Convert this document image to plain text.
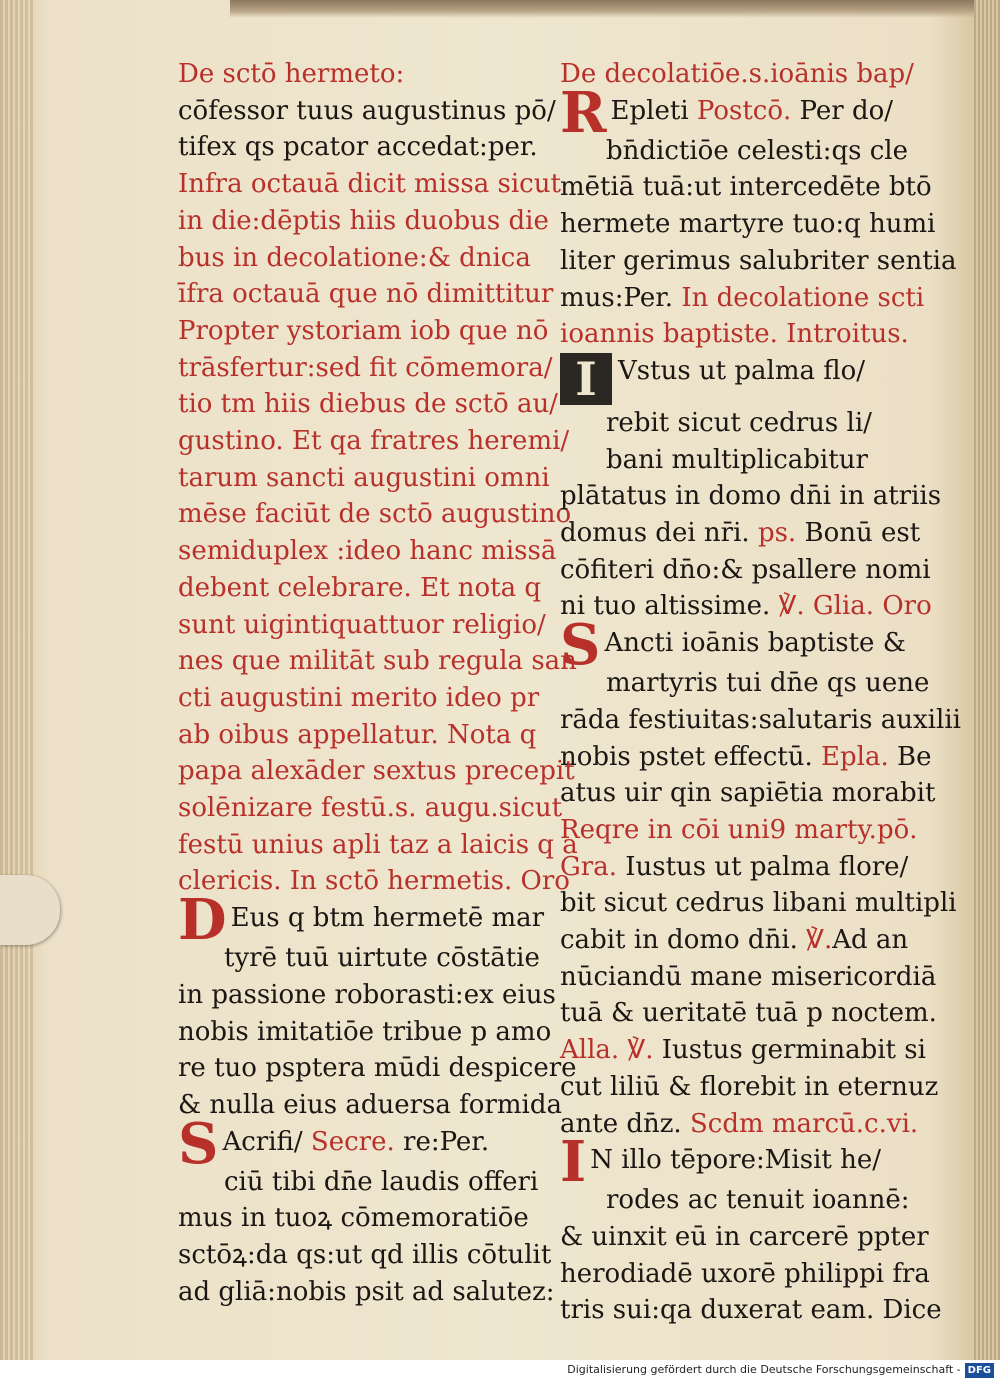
De sctō hermeto:

cōfessor tuus augustinus pō/

tifex qs pcator accedat:per.

Infra octauā dicit missa sicut

in die:dēptis hiis duobus die

bus in decolatione:& dnica

īfra octauā que nō dimittitur

Propter ystoriam iob que nō

trāsfertur:sed fit cōmemora/

tio tm hiis diebus de sctō au/

gustino. Et qa fratres heremi/

tarum sancti augustini omni

mēse faciūt de sctō augustino

semiduplex :ideo hanc missā

debent celebrare. Et nota q

sunt uigintiquattuor religio/

nes que militāt sub regula san

cti augustini merito ideo pr

ab oibus appellatur. Nota q

papa alexāder sextus precepit

solēnizare festū.s. augu.sicut

festū unius apli taz a laicis q a

clericis. In sctō hermetis. Oro

D Eus q btm hermetē mar

tyrē tuū uirtute cōstātie

in passione roborasti:ex eius

nobis imitatiōe tribue p amo

re tuo psptera mūdi despicere

& nulla eius aduersa formida

S Acrifi/ Secre. re:Per.

ciū tibi dn̄e laudis offeri

mus in tuoꝝ cōmemoratiōe

sctōꝝ:da qs:ut qd illis cōtulit

ad gliā:nobis psit ad salutez:

De decolatiōe.s.ioānis bap/

R Epleti Postcō. Per do/

bn̄dictiōe celesti:qs cle

mētiā tuā:ut intercedēte btō

hermete martyre tuo:q humi

liter gerimus salubriter sentia

mus:Per. In decolatione scti

ioannis baptiste. Introitus.

I Vstus ut palma flo/

rebit sicut cedrus li/

bani multiplicabitur

plātatus in domo dn̄i in atriis

domus dei nr̄i. ps. Bonū est

cōfiteri dn̄o:& psallere nomi

ni tuo altissime. ℣. Glia. Oro

S Ancti ioānis baptiste &

martyris tui dn̄e qs uene

rāda festiuitas:salutaris auxilii

nobis pstet effectū. Epla. Be

atus uir qin sapiētia morabit

Reqre in cōi uni9 marty.pō.

Gra. Iustus ut palma flore/

bit sicut cedrus libani multipli

cabit in domo dn̄i. ℣.Ad an

nūciandū mane misericordiā

tuā & ueritatē tuā p noctem.

Alla. ℣. Iustus germinabit si

cut liliū & florebit in eternuz

ante dn̄z. Scdm marcū.c.vi.

I N illo tēpore:Misit he/

rodes ac tenuit ioannē:

& uinxit eū in carcerē ppter

herodiadē uxorē philippi fra

tris sui:qa duxerat eam. Dice

Digitalisierung gefördert durch die Deutsche Forschungsgemeinschaft - DFG
